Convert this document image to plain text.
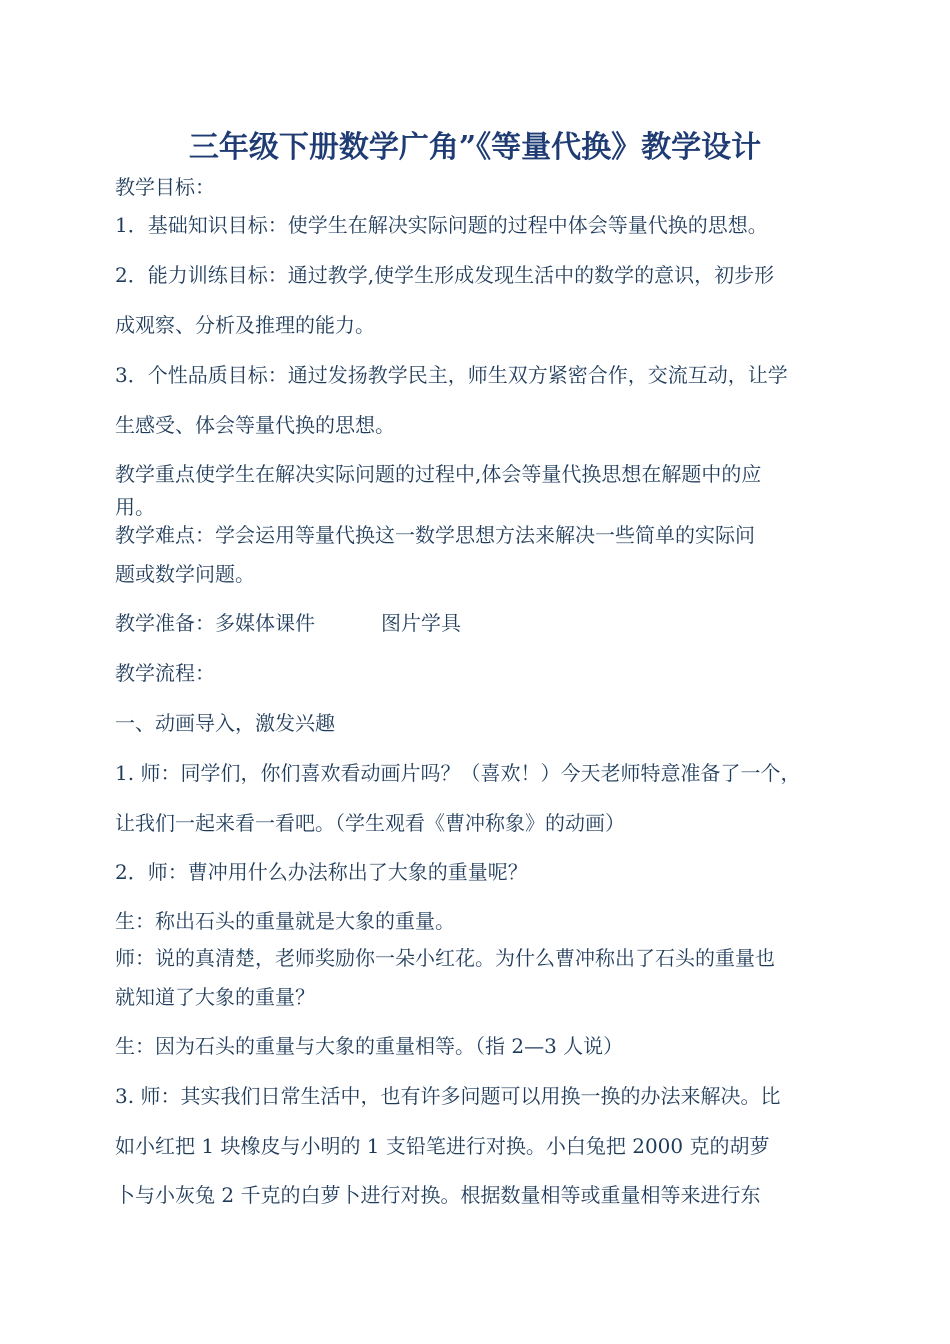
三年级下册数学广角”《等量代换》教学设计
教学目标：
1．基础知识目标：使学生在解决实际问题的过程中体会等量代换的思想。
2．能力训练目标：通过教学,使学生形成发现生活中的数学的意识，初步形
成观察、分析及推理的能力。
3．个性品质目标：通过发扬教学民主，师生双方紧密合作，交流互动，让学
生感受、体会等量代换的思想。
教学重点使学生在解决实际问题的过程中,体会等量代换思想在解题中的应
用。
教学难点：学会运用等量代换这一数学思想方法来解决一些简单的实际问
题或数学问题。
教学准备：多媒体课件	图片学具
教学流程：
一、动画导入，激发兴趣
1. 师：同学们，你们喜欢看动画片吗？（喜欢！）今天老师特意准备了一个，
让我们一起来看一看吧。（学生观看《曹冲称象》的动画）
2．师：曹冲用什么办法称出了大象的重量呢？
生：称出石头的重量就是大象的重量。
师：说的真清楚，老师奖励你一朵小红花。为什么曹冲称出了石头的重量也
就知道了大象的重量？
生：因为石头的重量与大象的重量相等。（指 2—3 人说）
3. 师：其实我们日常生活中，也有许多问题可以用换一换的办法来解决。比
如小红把 1 块橡皮与小明的 1 支铅笔进行对换。小白兔把 2000 克的胡萝
卜与小灰兔 2 千克的白萝卜进行对换。根据数量相等或重量相等来进行东
